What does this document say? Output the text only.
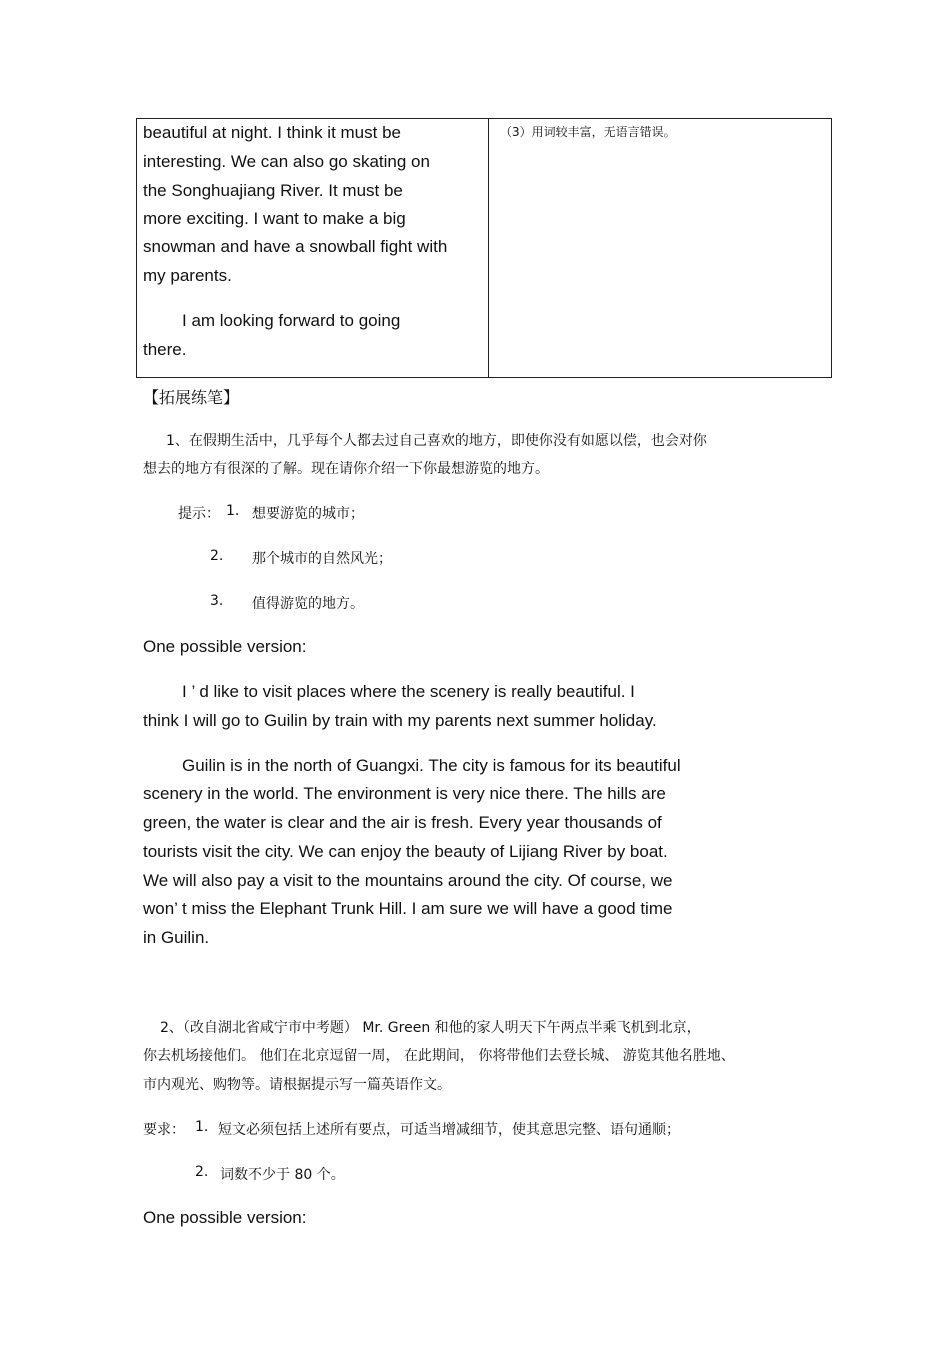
beautiful at night. I think it must be
interesting. We can also go skating on
the Songhuajiang River. It must be
more exciting. I want to make a big
snowman and have a snowball fight with
my parents.
I am looking forward to going
there.
（3）用词较丰富，无语言错误。
【拓展练笔】
1、在假期生活中，几乎每个人都去过自己喜欢的地方，即使你没有如愿以偿，也会对你
想去的地方有很深的了解。现在请你介绍一下你最想游览的地方。
提示： 1. 想要游览的城市；
2. 那个城市的自然风光；
3. 值得游览的地方。
One possible version:
I ’ d like to visit places where the scenery is really beautiful. I
think I will go to Guilin by train with my parents next summer holiday.
Guilin is in the north of Guangxi. The city is famous for its beautiful
scenery in the world. The environment is very nice there. The hills are
green, the water is clear and the air is fresh. Every year thousands of
tourists visit the city. We can enjoy the beauty of Lijiang River by boat.
We will also pay a visit to the mountains around the city. Of course, we
won’ t miss the Elephant Trunk Hill. I am sure we will have a good time
in Guilin.
2、（改自湖北省咸宁市中考题） Mr. Green 和他的家人明天下午两点半乘飞机到北京，
你去机场接他们。 他们在北京逗留一周， 在此期间， 你将带他们去登长城、 游览其他名胜地、
市内观光、购物等。请根据提示写一篇英语作文。
要求： 1. 短文必须包括上述所有要点，可适当增减细节，使其意思完整、语句通顺；
2. 词数不少于 80 个。
One possible version:
